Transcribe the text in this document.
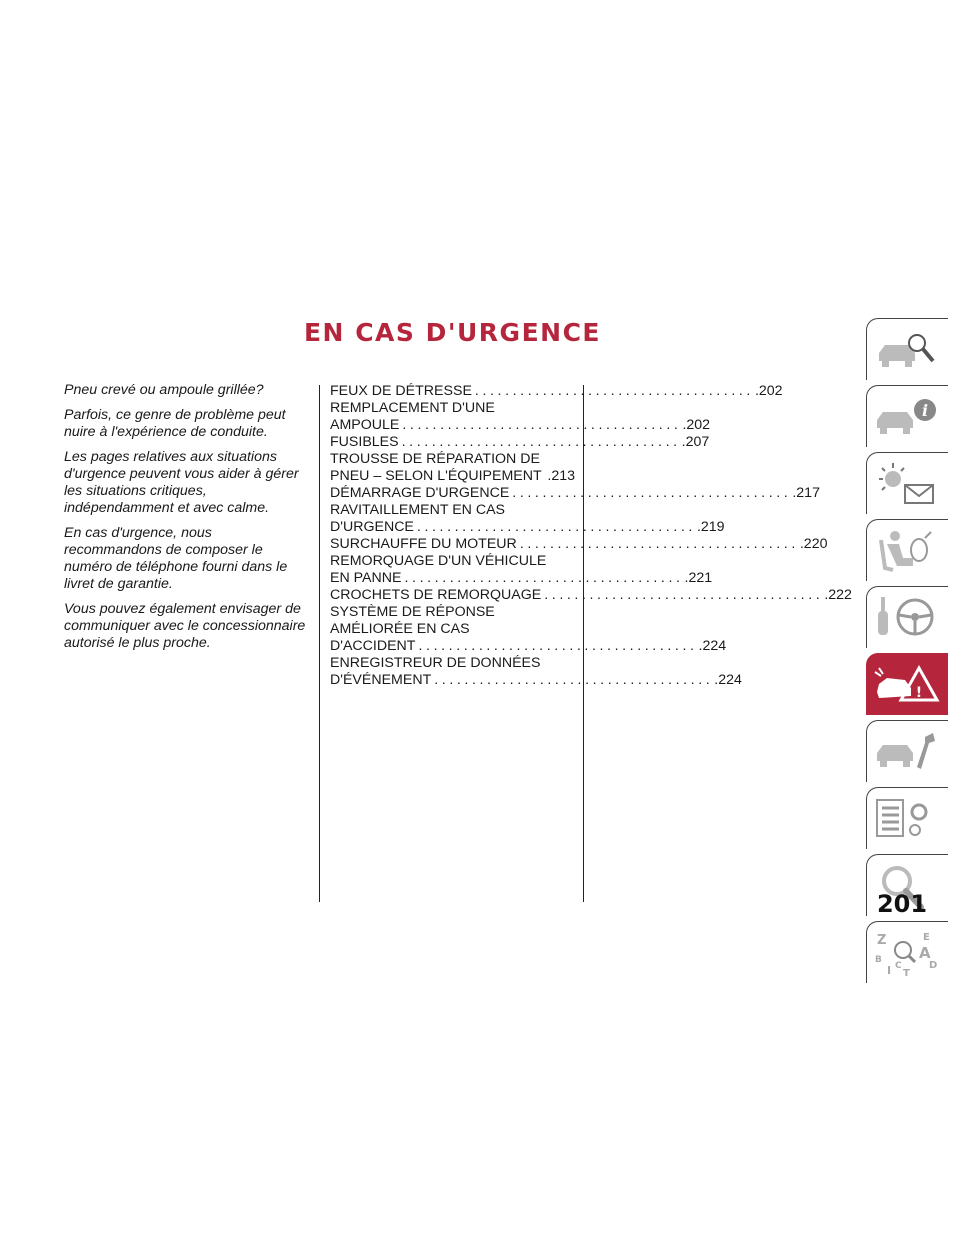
EN CAS D'URGENCE

Pneu crevé ou ampoule grillée?

Parfois, ce genre de problème peut nuire à l'expérience de conduite.

Les pages relatives aux situations d'urgence peuvent vous aider à gérer les situations critiques, indépendamment et avec calme.

En cas d'urgence, nous recommandons de composer le numéro de téléphone fourni dans le livret de garantie.

Vous pouvez également envisager de communiquer avec le concessionnaire autorisé le plus proche.

FEUX DE DÉTRESSE ..................................... .202
REMPLACEMENT D'UNE
AMPOULE ..................................... .202
FUSIBLES ..................................... .207
TROUSSE DE RÉPARATION DE
PNEU – SELON L'ÉQUIPEMENT .213
DÉMARRAGE D'URGENCE ..................................... .217
RAVITAILLEMENT EN CAS
D'URGENCE ..................................... .219
SURCHAUFFE DU MOTEUR ..................................... .220
REMORQUAGE D'UN VÉHICULE
EN PANNE ..................................... .221
CROCHETS DE REMORQUAGE ..................................... .222
SYSTÈME DE RÉPONSE
AMÉLIORÉE EN CAS
D'ACCIDENT ..................................... .224
ENREGISTREUR DE DONNÉES
D'ÉVÉNEMENT ..................................... .224
i
!
Z	E
B A
I C
T
D
201
